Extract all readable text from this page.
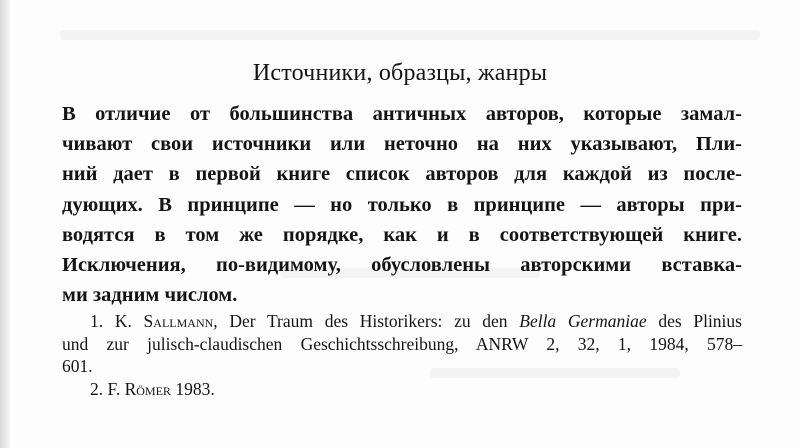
Источники, образцы, жанры
В отличие от большинства античных авторов, которые замал-
чивают свои источники или неточно на них указывают, Пли-
ний дает в первой книге список авторов для каждой из после-
дующих. В принципе — но только в принципе — авторы при-
водятся в том же порядке, как и в соответствующей книге.
Исключения, по-видимому, обусловлены авторскими вставка-
ми задним числом.
1. K. Sallmann, Der Traum des Historikers: zu den Bella Germaniae des Plinius
und zur julisch-claudischen Geschichtsschreibung, ANRW 2, 32, 1, 1984, 578–
601.
2. F. Römer 1983.
